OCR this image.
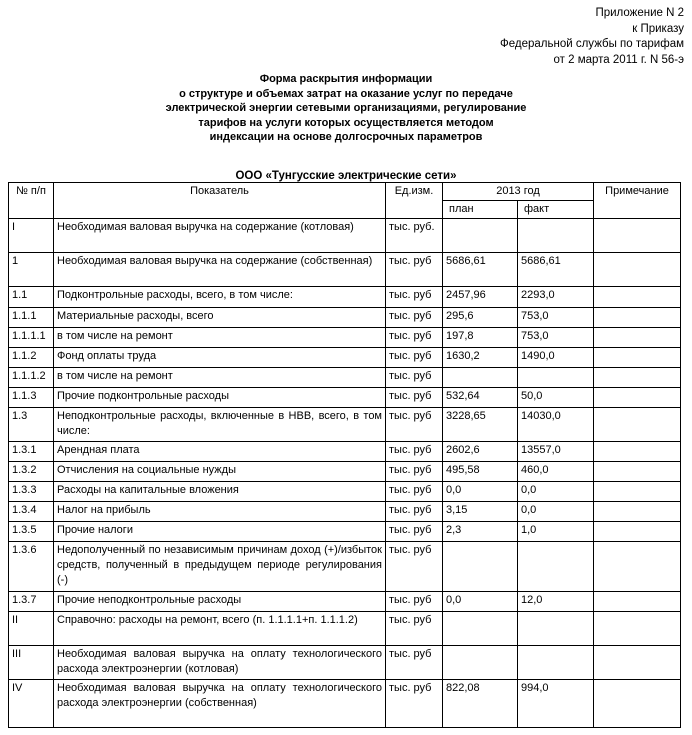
Приложение N 2
к Приказу
Федеральной службы по тарифам
от 2 марта 2011 г. N 56-э
Форма раскрытия информации
о структуре и объемах затрат на оказание услуг по передаче
электрической энергии сетевыми организациями, регулирование
тарифов на услуги которых осуществляется методом
индексации на основе долгосрочных параметров
ООО «Тунгусские электрические сети»
№ п/п	Показатель	Ед.изм.	2013 год		Примечание
			план	факт	
I	Необходимая валовая выручка на содержание (котловая)	тыс. руб.			
1	Необходимая валовая выручка на содержание (собственная)	тыс. руб	5686,61	5686,61	
1.1	Подконтрольные расходы, всего, в том числе:	тыс. руб	2457,96	2293,0	
1.1.1	Материальные расходы, всего	тыс. руб	295,6	753,0	
1.1.1.1	в том числе на ремонт	тыс. руб	197,8	753,0	
1.1.2	Фонд оплаты труда	тыс. руб	1630,2	1490,0	
1.1.1.2	в том числе на ремонт	тыс. руб			
1.1.3	Прочие подконтрольные расходы	тыс. руб	532,64	50,0	
1.3	Неподконтрольные расходы, включенные в НВВ, всего, в том числе:	тыс. руб	3228,65	14030,0	
1.3.1	Арендная плата	тыс. руб	2602,6	13557,0	
1.3.2	Отчисления на социальные нужды	тыс. руб	495,58	460,0	
1.3.3	Расходы на капитальные вложения	тыс. руб	0,0	0,0	
1.3.4	Налог на прибыль	тыс. руб	3,15	0,0	
1.3.5	Прочие налоги	тыс. руб	2,3	1,0	
1.3.6	Недополученный по независимым причинам доход (+)/избыток средств, полученный в предыдущем периоде регулирования (-)	тыс. руб			
1.3.7	Прочие неподконтрольные расходы	тыс. руб	0,0	12,0	
II	Справочно: расходы на ремонт, всего (п. 1.1.1.1+п. 1.1.1.2)	тыс. руб			
III	Необходимая валовая выручка на оплату технологического расхода электроэнергии (котловая)	тыс. руб			
IV	Необходимая валовая выручка на оплату технологического расхода электроэнергии (собственная)	тыс. руб	822,08	994,0	
